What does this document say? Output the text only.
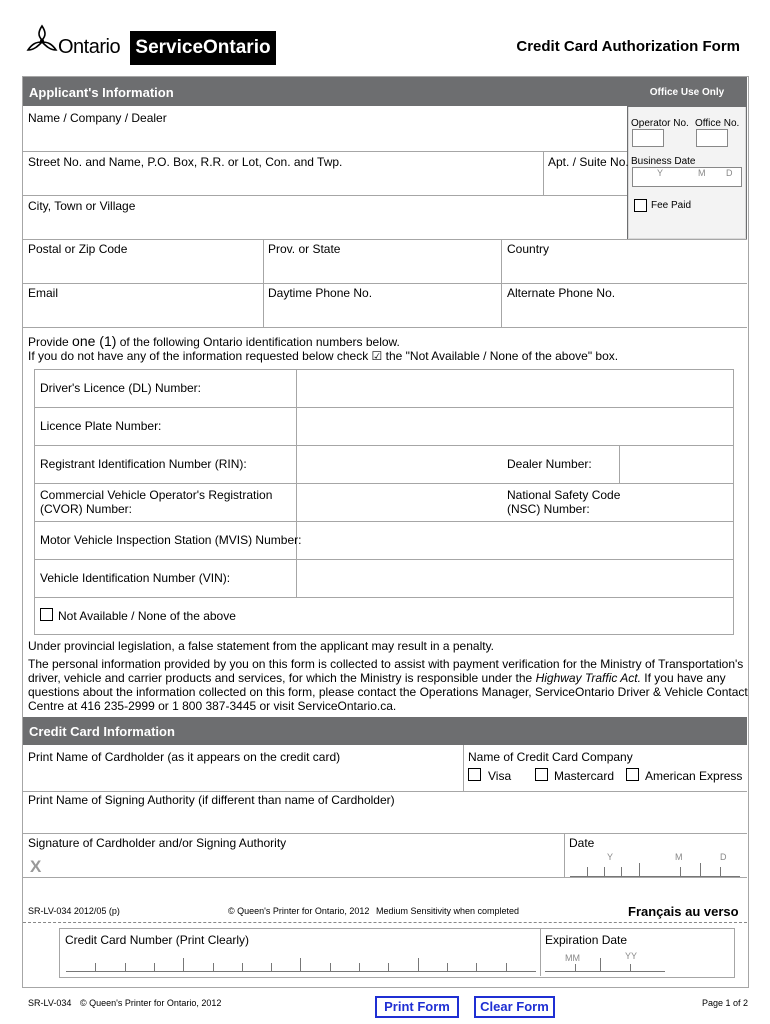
Ontario ServiceOntario	Credit Card Authorization Form
Applicant's Information	Office Use Only
Operator No. Office No.
Business Date
Y	M D
Fee Paid
Name / Company / Dealer
Street No. and Name, P.O. Box, R.R. or Lot, Con. and Twp.	Apt. / Suite No.
City, Town or Village
Postal or Zip Code	Prov. or State	Country
Email	Daytime Phone No.	Alternate Phone No.
Provide one (1) of the following Ontario identification numbers below.
If you do not have any of the information requested below check ☑ the "Not Available / None of the above" box.
Driver's Licence (DL) Number:
Licence Plate Number:
Registrant Identification Number (RIN):	Dealer Number:
Commercial Vehicle Operator's Registration
(CVOR) Number:
National Safety Code
(NSC) Number:
Motor Vehicle Inspection Station (MVIS) Number:
Vehicle Identification Number (VIN):
Not Available / None of the above
Under provincial legislation, a false statement from the applicant may result in a penalty.
The personal information provided by you on this form is collected to assist with payment verification for the Ministry of Transportation's
driver, vehicle and carrier products and services, for which the Ministry is responsible under the Highway Traffic Act. If you have any
questions about the information collected on this form, please contact the Operations Manager, ServiceOntario Driver & Vehicle Contact
Centre at 416 235-2999 or 1 800 387-3445 or visit ServiceOntario.ca.
Credit Card Information
Print Name of Cardholder (as it appears on the credit card)	Name of Credit Card Company
Visa	Mastercard	American Express
Print Name of Signing Authority (if different than name of Cardholder)
Signature of Cardholder and/or Signing Authority
X
Date
Y	M	D
SR-LV-034 2012/05 (p)	© Queen's Printer for Ontario, 2012 Medium Sensitivity when completed	Français au verso
Credit Card Number (Print Clearly)	Expiration Date
MM	YY
SR-LV-034 © Queen's Printer for Ontario, 2012	Print Form	Clear Form	Page 1 of 2
